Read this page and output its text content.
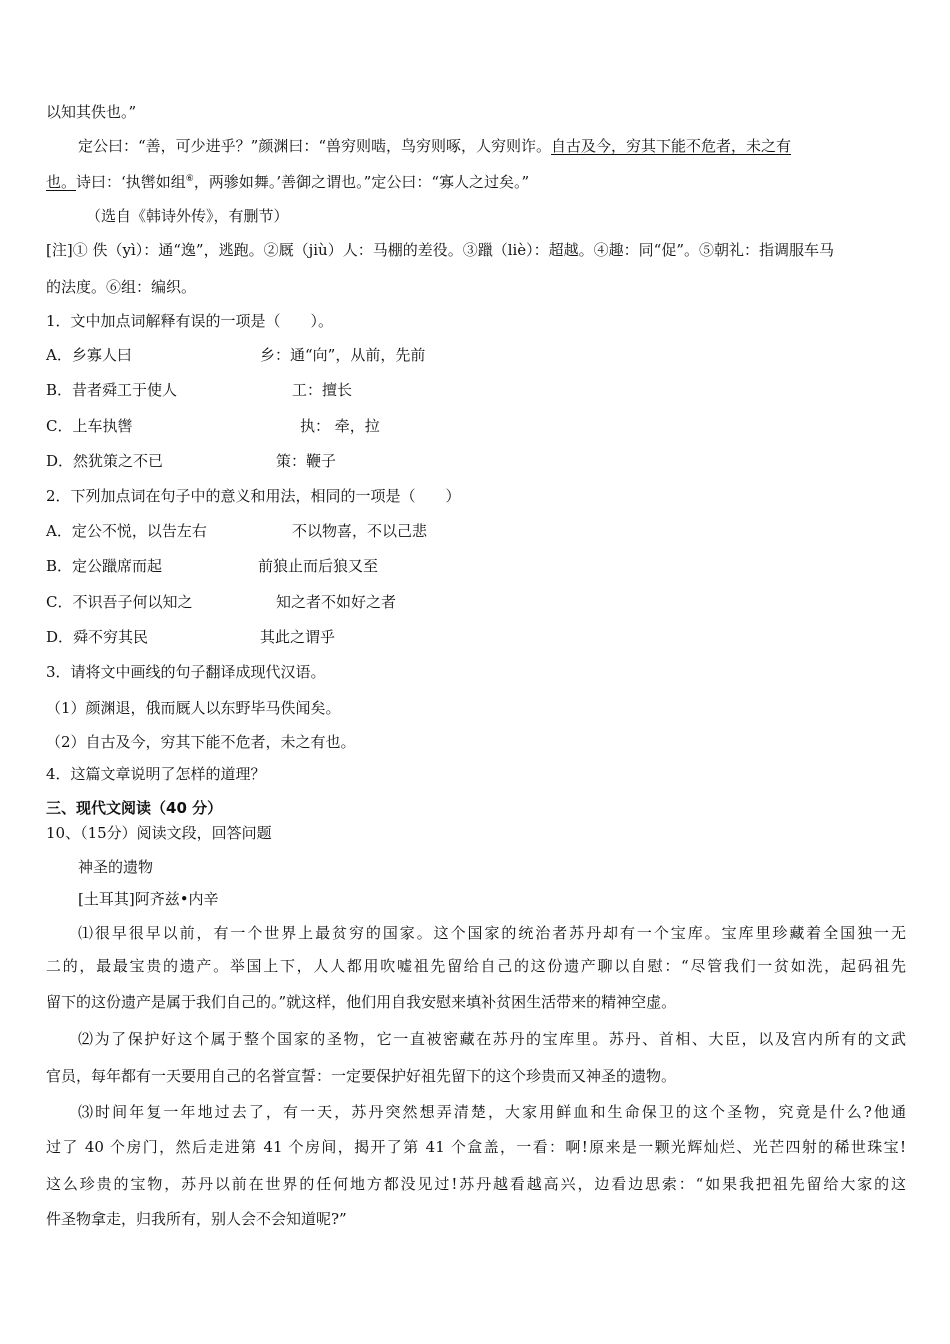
以知其佚也。”
定公曰：“善，可少进乎？”颜渊曰：“兽穷则啮，鸟穷则啄，人穷则诈。自古及今，穷其下能不危者，未之有
也。诗曰：‘执辔如组⑥，两骖如舞。’善御之谓也。”定公曰：“寡人之过矣。”
（选自《韩诗外传》，有删节）
[注]① 佚（yì）：通“逸”，逃跑。②厩（jiù）人：马棚的差役。③躐（liè）：超越。④趣：同“促”。⑤朝礼：指调服车马
的法度。⑥组：编织。
1．文中加点词解释有误的一项是（　　）。
A．乡寡人曰	乡：通“向”，从前，先前
B．昔者舜工于使人	工：擅长
C．上车执辔	执： 牵，拉
D．然犹策之不已	策：鞭子
2．下列加点词在句子中的意义和用法，相同的一项是（　　）
A．定公不悦，以告左右	不以物喜，不以己悲
B．定公躐席而起	前狼止而后狼又至
C．不识吾子何以知之	知之者不如好之者
D．舜不穷其民	其此之谓乎
3．请将文中画线的句子翻译成现代汉语。
（1）颜渊退，俄而厩人以东野毕马佚闻矣。
（2）自古及今，穷其下能不危者，未之有也。
4．这篇文章说明了怎样的道理？
三、现代文阅读（40 分）
10、（15分）阅读文段，回答问题
神圣的遗物
[土耳其]阿齐兹•内辛
⑴很早很早以前，有一个世界上最贫穷的国家。这个国家的统治者苏丹却有一个宝库。宝库里珍藏着全国独一无
二的，最最宝贵的遗产。举国上下，人人都用吹嘘祖先留给自己的这份遗产聊以自慰：“尽管我们一贫如洗，起码祖先
留下的这份遗产是属于我们自己的。”就这样，他们用自我安慰来填补贫困生活带来的精神空虚。
⑵为了保护好这个属于整个国家的圣物，它一直被密藏在苏丹的宝库里。苏丹、首相、大臣，以及宫内所有的文武
官员，每年都有一天要用自己的名誉宣誓：一定要保护好祖先留下的这个珍贵而又神圣的遗物。
⑶时间年复一年地过去了，有一天，苏丹突然想弄清楚，大家用鲜血和生命保卫的这个圣物，究竟是什么?他通
过了 40 个房门，然后走进第 41 个房间，揭开了第 41 个盒盖，一看：啊!原来是一颗光辉灿烂、光芒四射的稀世珠宝!
这么珍贵的宝物，苏丹以前在世界的任何地方都没见过!苏丹越看越高兴，边看边思索：“如果我把祖先留给大家的这
件圣物拿走，归我所有，别人会不会知道呢?”
